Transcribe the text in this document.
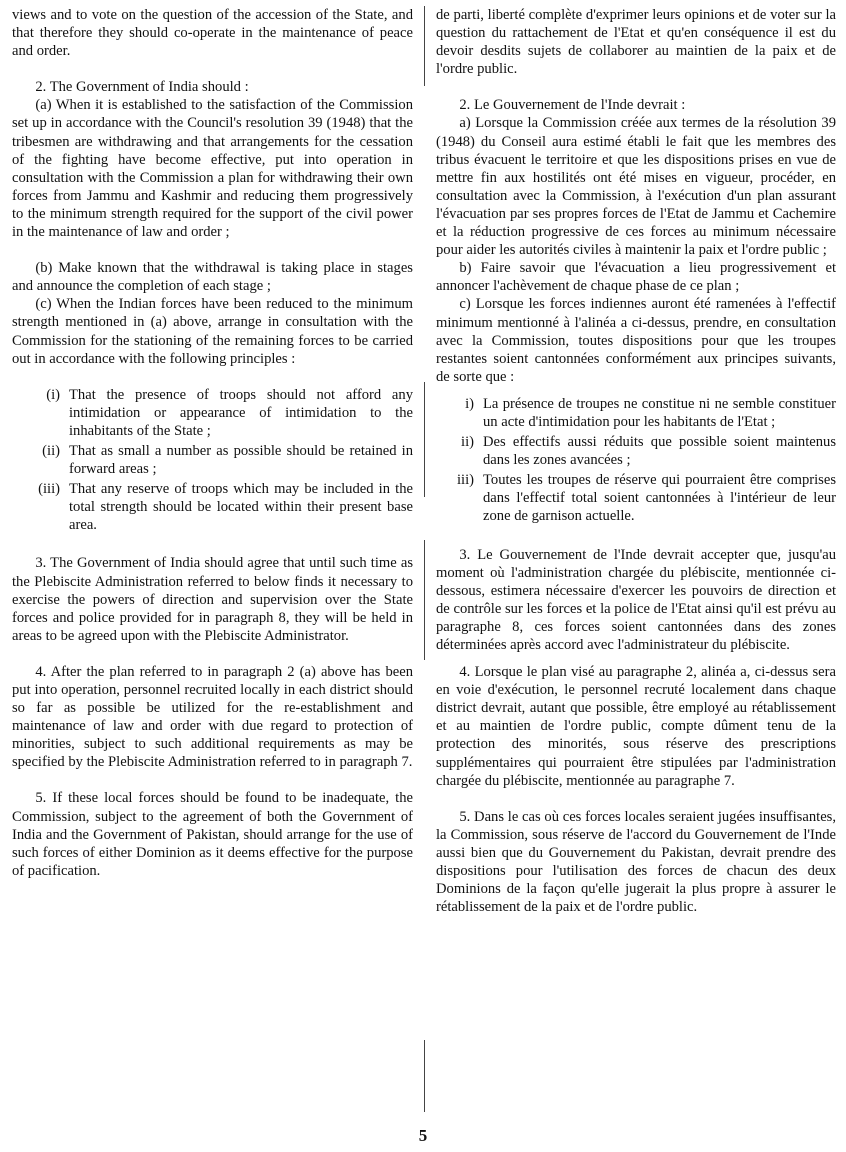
views and to vote on the question of the accession of the State, and that therefore they should co-operate in the maintenance of peace and order.

2. The Government of India should :

(a) When it is established to the satisfaction of the Commission set up in accordance with the Council's resolution 39 (1948) that the tribesmen are withdrawing and that arrangements for the cessation of the fighting have become effective, put into operation in consultation with the Commission a plan for withdrawing their own forces from Jammu and Kashmir and reducing them progressively to the minimum strength required for the support of the civil power in the maintenance of law and order ;

(b) Make known that the withdrawal is taking place in stages and announce the completion of each stage ;

(c) When the Indian forces have been reduced to the minimum strength mentioned in (a) above, arrange in consultation with the Commission for the stationing of the remaining forces to be carried out in accordance with the following principles :

(i) That the presence of troops should not afford any intimidation or appearance of intimidation to the inhabitants of the State ;
(ii) That as small a number as possible should be retained in forward areas ;
(iii) That any reserve of troops which may be included in the total strength should be located within their present base area.

3. The Government of India should agree that until such time as the Plebiscite Administration referred to below finds it necessary to exercise the powers of direction and supervision over the State forces and police provided for in paragraph 8, they will be held in areas to be agreed upon with the Plebiscite Administrator.

4. After the plan referred to in paragraph 2 (a) above has been put into operation, personnel recruited locally in each district should so far as possible be utilized for the re-establishment and maintenance of law and order with due regard to protection of minorities, subject to such additional requirements as may be specified by the Plebiscite Administration referred to in paragraph 7.

5. If these local forces should be found to be inadequate, the Commission, subject to the agreement of both the Government of India and the Government of Pakistan, should arrange for the use of such forces of either Dominion as it deems effective for the purpose of pacification.

de parti, liberté complète d'exprimer leurs opinions et de voter sur la question du rattachement de l'Etat et qu'en conséquence il est du devoir desdits sujets de collaborer au maintien de la paix et de l'ordre public.

2. Le Gouvernement de l'Inde devrait :

a) Lorsque la Commission créée aux termes de la résolution 39 (1948) du Conseil aura estimé établi le fait que les membres des tribus évacuent le territoire et que les dispositions prises en vue de mettre fin aux hostilités ont été mises en vigueur, procéder, en consultation avec la Commission, à l'exécution d'un plan assurant l'évacuation par ses propres forces de l'Etat de Jammu et Cachemire et la réduction progressive de ces forces au minimum nécessaire pour aider les autorités civiles à maintenir la paix et l'ordre public ;

b) Faire savoir que l'évacuation a lieu progressivement et annoncer l'achèvement de chaque phase de ce plan ;

c) Lorsque les forces indiennes auront été ramenées à l'effectif minimum mentionné à l'alinéa a ci-dessus, prendre, en consultation avec la Commission, toutes dispositions pour que les troupes restantes soient cantonnées conformément aux principes suivants, de sorte que :

i) La présence de troupes ne constitue ni ne semble constituer un acte d'intimidation pour les habitants de l'Etat ;
ii) Des effectifs aussi réduits que possible soient maintenus dans les zones avancées ;
iii) Toutes les troupes de réserve qui pourraient être comprises dans l'effectif total soient cantonnées à l'intérieur de leur zone de garnison actuelle.

3. Le Gouvernement de l'Inde devrait accepter que, jusqu'au moment où l'administration chargée du plébiscite, mentionnée ci-dessous, estimera nécessaire d'exercer les pouvoirs de direction et de contrôle sur les forces et la police de l'Etat ainsi qu'il est prévu au paragraphe 8, ces forces soient cantonnées dans des zones déterminées après accord avec l'administrateur du plébiscite.

4. Lorsque le plan visé au paragraphe 2, alinéa a, ci-dessus sera en voie d'exécution, le personnel recruté localement dans chaque district devrait, autant que possible, être employé au rétablissement et au maintien de l'ordre public, compte dûment tenu de la protection des minorités, sous réserve des prescriptions supplémentaires qui pourraient être stipulées par l'administration chargée du plébiscite, mentionnée au paragraphe 7.

5. Dans le cas où ces forces locales seraient jugées insuffisantes, la Commission, sous réserve de l'accord du Gouvernement de l'Inde aussi bien que du Gouvernement du Pakistan, devrait prendre des dispositions pour l'utilisation des forces de chacun des deux Dominions de la façon qu'elle jugerait la plus propre à assurer le rétablissement de la paix et de l'ordre public.

5
